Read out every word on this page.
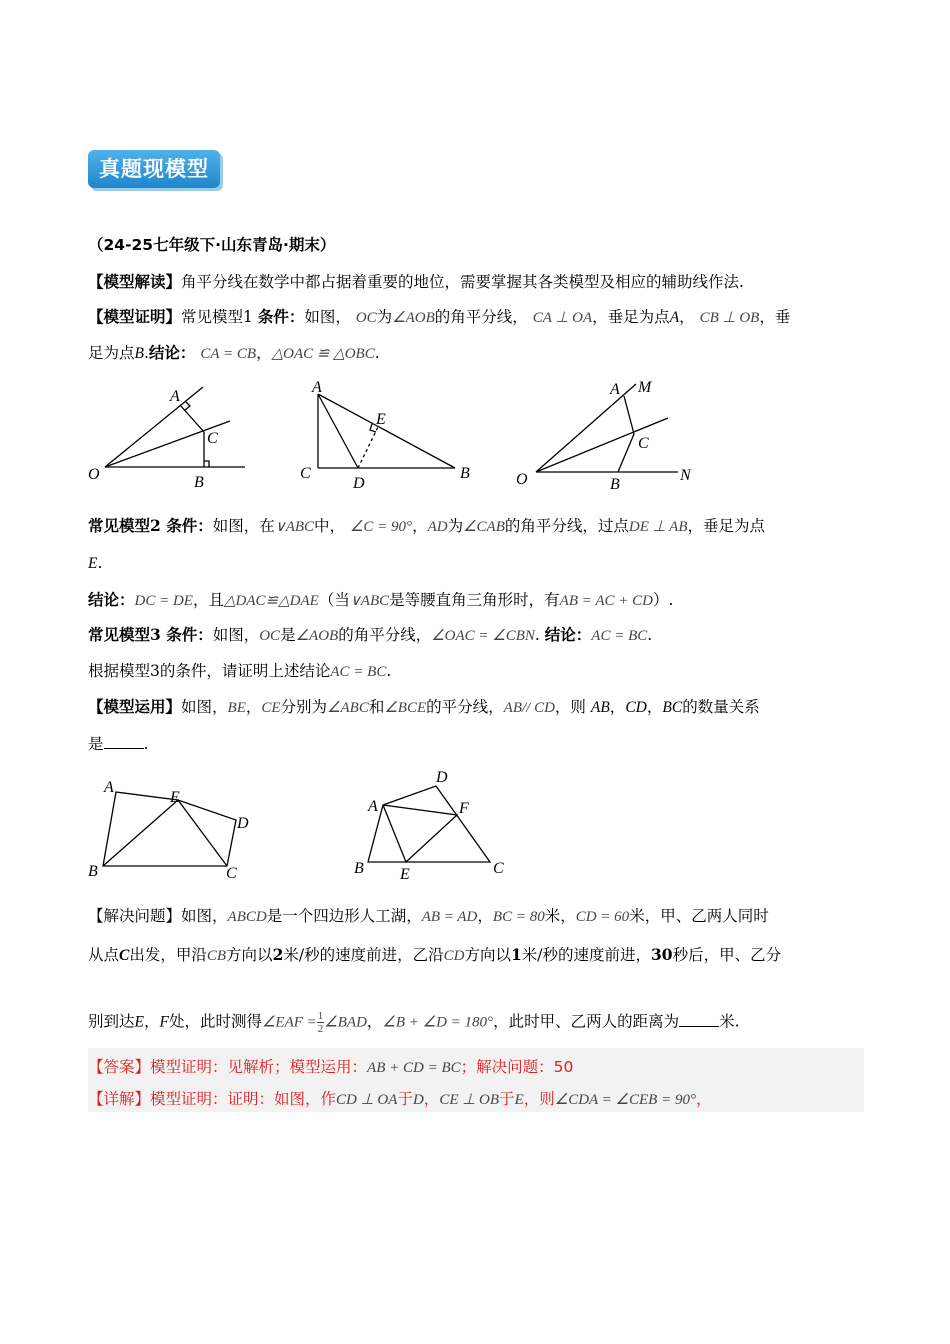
真题现模型
（24-25七年级下·山东青岛·期末）
【模型解读】角平分线在数学中都占据着重要的地位，需要掌握其各类模型及相应的辅助线作法.
【模型证明】常见模型1 条件：如图， OC为∠AOB的角平分线， CA ⊥ OA，垂足为点A， CB ⊥ OB，垂
足为点B.结论： CA = CB，△OAC ≌ △OBC.
A
C
O	B
A
E
C
D
B
A M
C
O	B
N
常见模型2 条件：如图，在∨ABC中， ∠C = 90°，AD为∠CAB的角平分线，过点DE ⊥ AB，垂足为点
E.
结论：DC = DE，且△DAC≌△DAE（当∨ABC是等腰直角三角形时，有AB = AC + CD）.
常见模型3 条件：如图，OC是∠AOB的角平分线，∠OAC = ∠CBN. 结论：AC = BC.
根据模型3的条件，请证明上述结论AC = BC.
【模型运用】如图，BE，CE分别为∠ABC和∠BCE的平分线，AB// CD，则 AB，CD，BC的数量关系
是	.
A
E
D
B	C
D
A	F
B E	C
【解决问题】如图，ABCD是一个四边形人工湖，AB = AD，BC = 80米，CD = 60米，甲、乙两人同时
从点C出发，甲沿CB方向以2米/秒的速度前进，乙沿CD方向以1米/秒的速度前进，30秒后，甲、乙分
别到达E，F处，此时测得∠EAF = $\frac{1}{2}$ ∠BAD，∠B + ∠D = 180°，此时甲、乙两人的距离为	米.
【答案】模型证明：见解析；模型运用：AB + CD = BC；解决问题：50
【详解】模型证明：证明：如图，作CD ⊥ OA于D，CE ⊥ OB于E，则∠CDA = ∠CEB = 90°，
